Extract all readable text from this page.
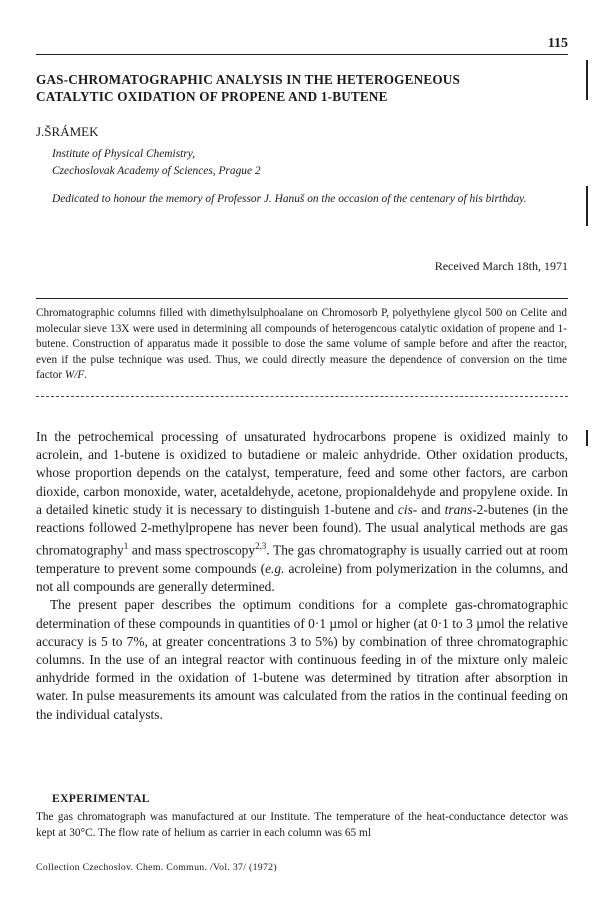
115
GAS-CHROMATOGRAPHIC ANALYSIS IN THE HETEROGENEOUS
CATALYTIC OXIDATION OF PROPENE AND 1-BUTENE
J.ŠRÁMEK
Institute of Physical Chemistry,
Czechoslovak Academy of Sciences, Prague 2
Dedicated to honour the memory of Professor J. Hanuš on the occasion of the centenary of his birthday.
Received March 18th, 1971
Chromatographic columns filled with dimethylsulphoalane on Chromosorb P, polyethylene glycol 500 on Celite and molecular sieve 13X were used in determining all compounds of heterogencous catalytic oxidation of propene and 1-butene. Construction of apparatus made it possible to dose the same volume of sample before and after the reactor, even if the pulse technique was used. Thus, we could directly measure the dependence of conversion on the time factor W/F.

In the petrochemical processing of unsaturated hydrocarbons propene is oxidized mainly to acrolein, and 1-butene is oxidized to butadiene or maleic anhydride. Other oxidation products, whose proportion depends on the catalyst, temperature, feed and some other factors, are carbon dioxide, carbon monoxide, water, acetaldehyde, acetone, propionaldehyde and propylene oxide. In a detailed kinetic study it is necessary to distinguish 1-butene and cis- and trans-2-butenes (in the reactions followed 2-methylpropene has never been found). The usual analytical methods are gas chromatography$^1$ and mass spectroscopy$^{2,3}$. The gas chromatography is usually carried out at room temperature to prevent some compounds (e.g. acroleine) from polymerization in the columns, and not all compounds are generally determined.

The present paper describes the optimum conditions for a complete gas-chromatographic determination of these compounds in quantities of 0·1 µmol or higher (at 0·1 to 3 µmol the relative accuracy is 5 to 7%, at greater concentrations 3 to 5%) by combination of three chromatographic columns. In the use of an integral reactor with continuous feeding in of the mixture only maleic anhydride formed in the oxidation of 1-butene was determined by titration after absorption in water. In pulse measurements its amount was calculated from the ratios in the continual feeding on the individual catalysts.

EXPERIMENTAL
The gas chromatograph was manufactured at our Institute. The temperature of the heat-conductance detector was kept at 30°C. The flow rate of helium as carrier in each column was 65 ml
Collection Czechoslov. Chem. Commun. /Vol. 37/ (1972)
